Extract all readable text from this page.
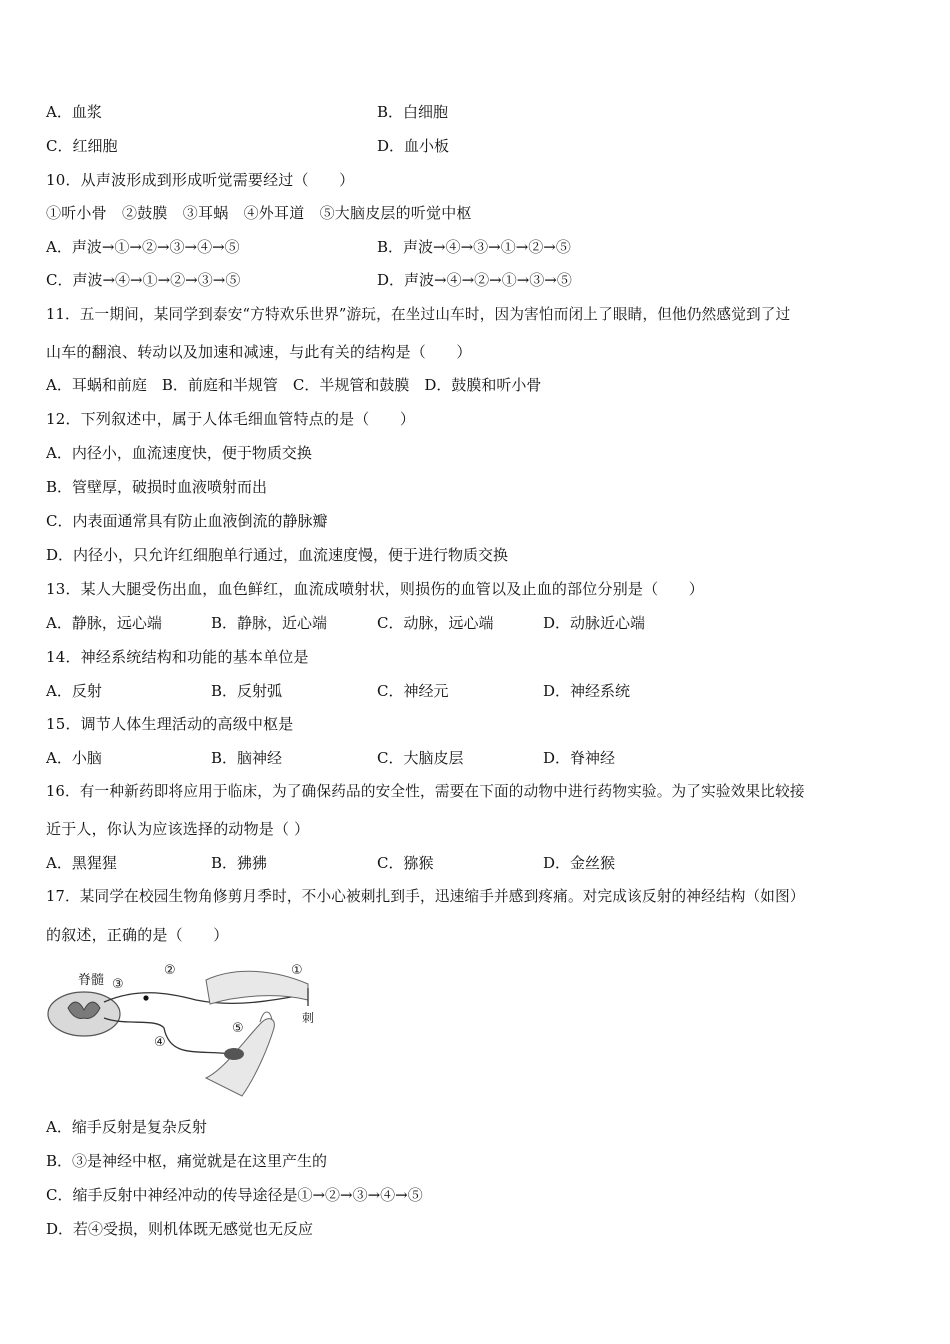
A．血浆	B．白细胞
C．红细胞	D．血小板
10．从声波形成到形成听觉需要经过（　　）
①听小骨　②鼓膜　③耳蜗　④外耳道　⑤大脑皮层的听觉中枢
A．声波→①→②→③→④→⑤	B．声波→④→③→①→②→⑤
C．声波→④→①→②→③→⑤	D．声波→④→②→①→③→⑤
11．五一期间，某同学到泰安“方特欢乐世界”游玩，在坐过山车时，因为害怕而闭上了眼睛，但他仍然感觉到了过
山车的翻浪、转动以及加速和减速，与此有关的结构是（　　）
A．耳蜗和前庭　B．前庭和半规管　C．半规管和鼓膜　D．鼓膜和听小骨
12．下列叙述中，属于人体毛细血管特点的是（　　）
A．内径小，血流速度快，便于物质交换
B．管壁厚，破损时血液喷射而出
C．内表面通常具有防止血液倒流的静脉瓣
D．内径小，只允许红细胞单行通过，血流速度慢，便于进行物质交换
13．某人大腿受伤出血，血色鲜红，血流成喷射状，则损伤的血管以及止血的部位分别是（　　）
A．静脉，远心端	B．静脉，近心端	C．动脉，远心端	D．动脉近心端
14．神经系统结构和功能的基本单位是
A．反射	B．反射弧	C．神经元	D．神经系统
15．调节人体生理活动的高级中枢是
A．小脑	B．脑神经	C．大脑皮层	D．脊神经
16．有一种新药即将应用于临床，为了确保药品的安全性，需要在下面的动物中进行药物实验。为了实验效果比较接
近于人，你认为应该选择的动物是（ ）
A．黑猩猩	B．狒狒	C．猕猴	D．金丝猴
17．某同学在校园生物角修剪月季时，不小心被刺扎到手，迅速缩手并感到疼痛。对完成该反射的神经结构（如图）
的叙述，正确的是（　　）
脊髓 ③
②	①
刺
④
⑤
A．缩手反射是复杂反射
B．③是神经中枢，痛觉就是在这里产生的
C．缩手反射中神经冲动的传导途径是①→②→③→④→⑤
D．若④受损，则机体既无感觉也无反应
